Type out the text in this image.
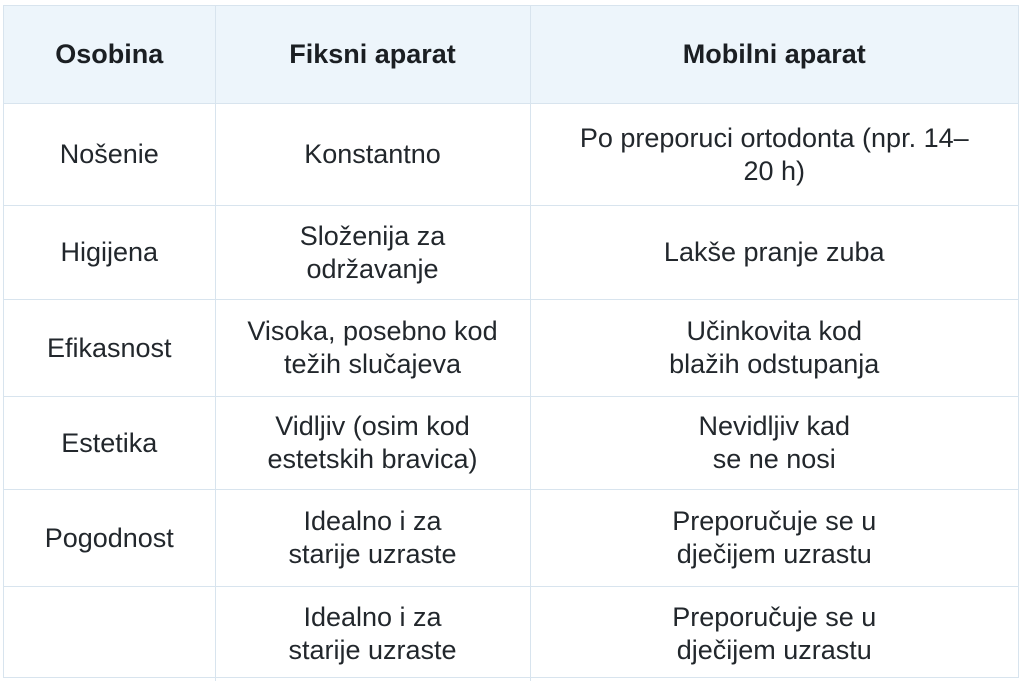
Osobina	Fiksni aparat	Mobilni aparat
Nošenie	Konstantno	Po preporuci ortodonta (npr. 14–20 h)
Higijena	Složenija za održavanje	Lakše pranje zuba
Efikasnost	Visoka, posebno kod težih slučajeva	Učinkovita kod blažih odstupanja
Estetika	Vidljiv (osim kod estetskih bravica)	Nevidljiv kad se ne nosi
Pogodnost	Idealno i za starije uzraste	Preporučuje se u dječijem uzrastu
	Idealno i za starije uzraste	Preporučuje se u dječijem uzrastu
